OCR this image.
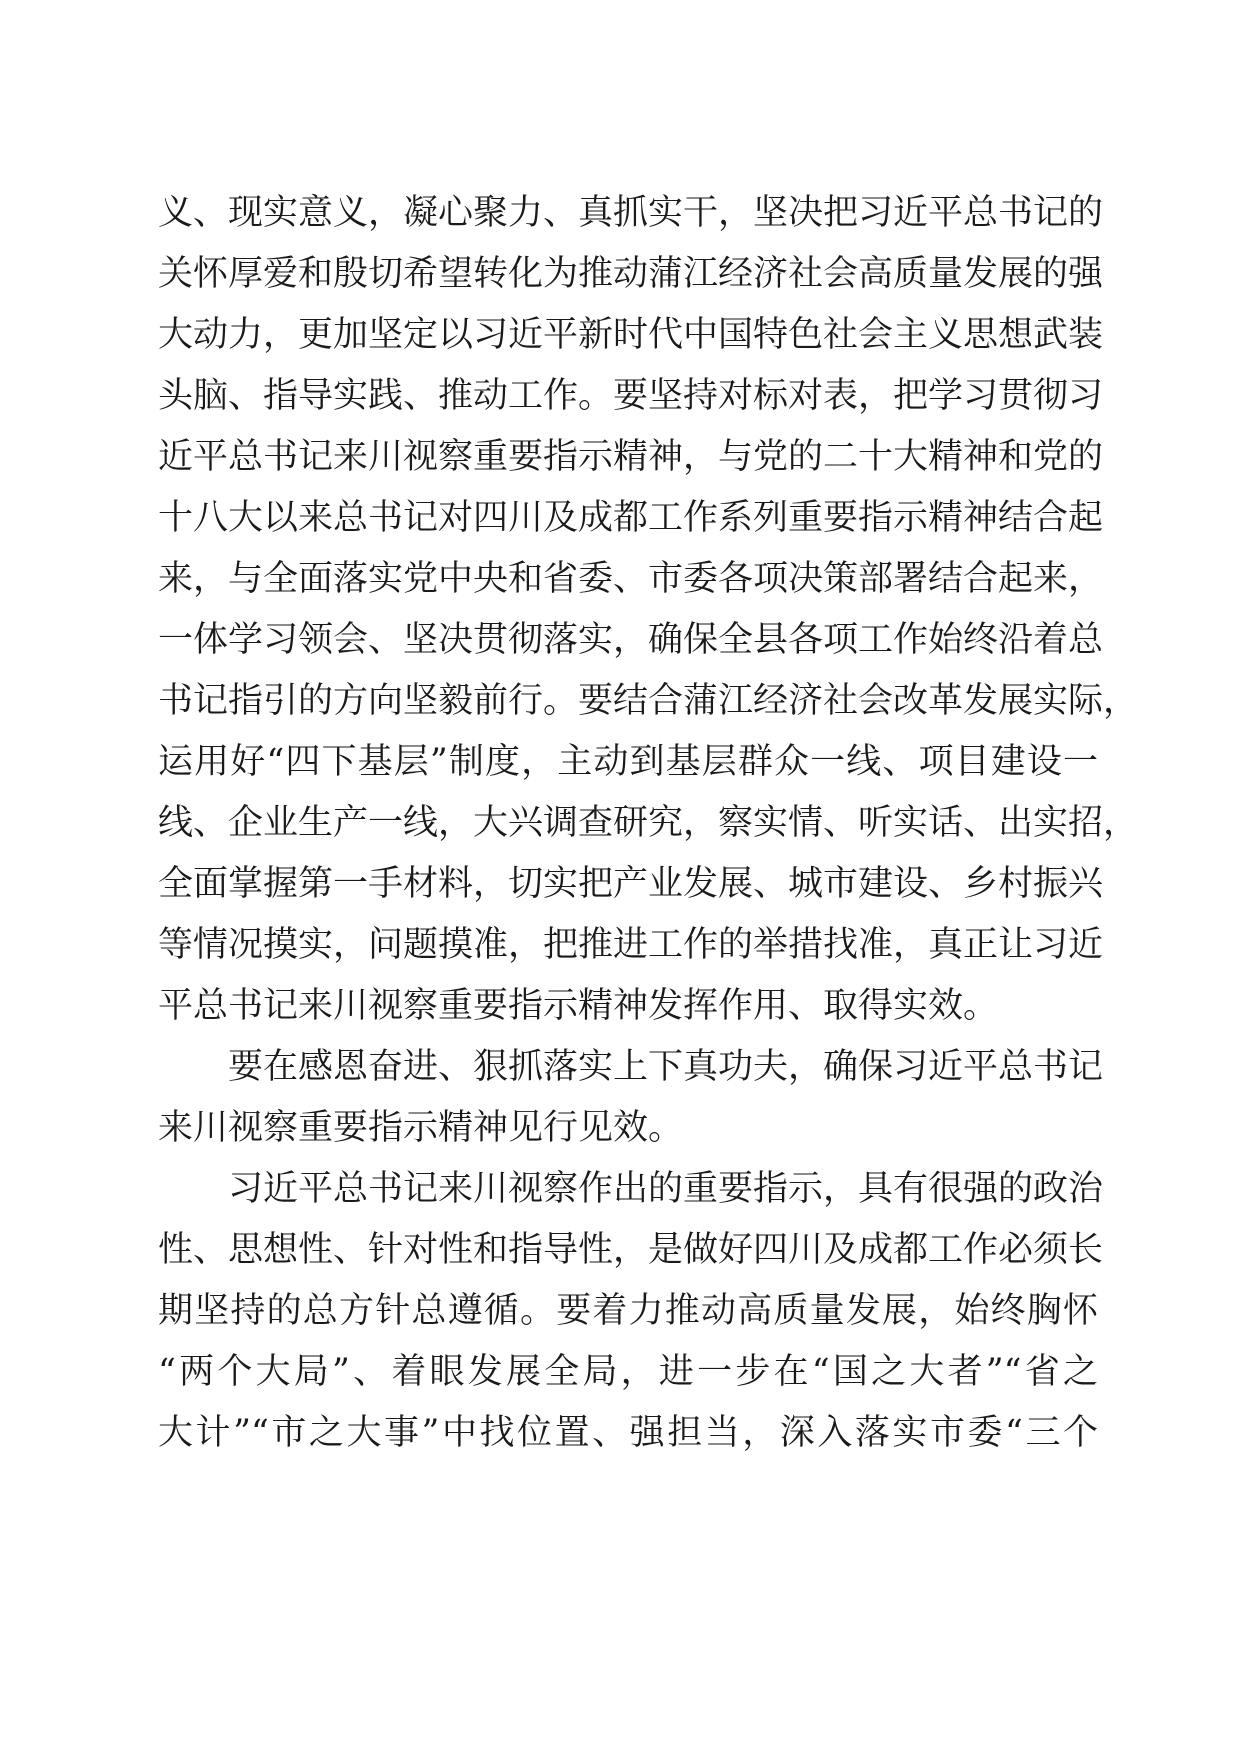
义、现实意义，凝心聚力、真抓实干，坚决把习近平总书记的
关怀厚爱和殷切希望转化为推动蒲江经济社会高质量发展的强
大动力，更加坚定以习近平新时代中国特色社会主义思想武装
头脑、指导实践、推动工作。要坚持对标对表，把学习贯彻习
近平总书记来川视察重要指示精神，与党的二十大精神和党的
十八大以来总书记对四川及成都工作系列重要指示精神结合起
来，与全面落实党中央和省委、市委各项决策部署结合起来，
一体学习领会、坚决贯彻落实，确保全县各项工作始终沿着总
书记指引的方向坚毅前行。要结合蒲江经济社会改革发展实际，
运用好“四下基层”制度，主动到基层群众一线、项目建设一
线、企业生产一线，大兴调查研究，察实情、听实话、出实招，
全面掌握第一手材料，切实把产业发展、城市建设、乡村振兴
等情况摸实，问题摸准，把推进工作的举措找准，真正让习近
平总书记来川视察重要指示精神发挥作用、取得实效。
要在感恩奋进、狠抓落实上下真功夫，确保习近平总书记
来川视察重要指示精神见行见效。
习近平总书记来川视察作出的重要指示，具有很强的政治
性、思想性、针对性和指导性，是做好四川及成都工作必须长
期坚持的总方针总遵循。要着力推动高质量发展，始终胸怀
“两个大局”、着眼发展全局，进一步在“国之大者”“省之
大计”“市之大事”中找位置、强担当，深入落实市委“三个
